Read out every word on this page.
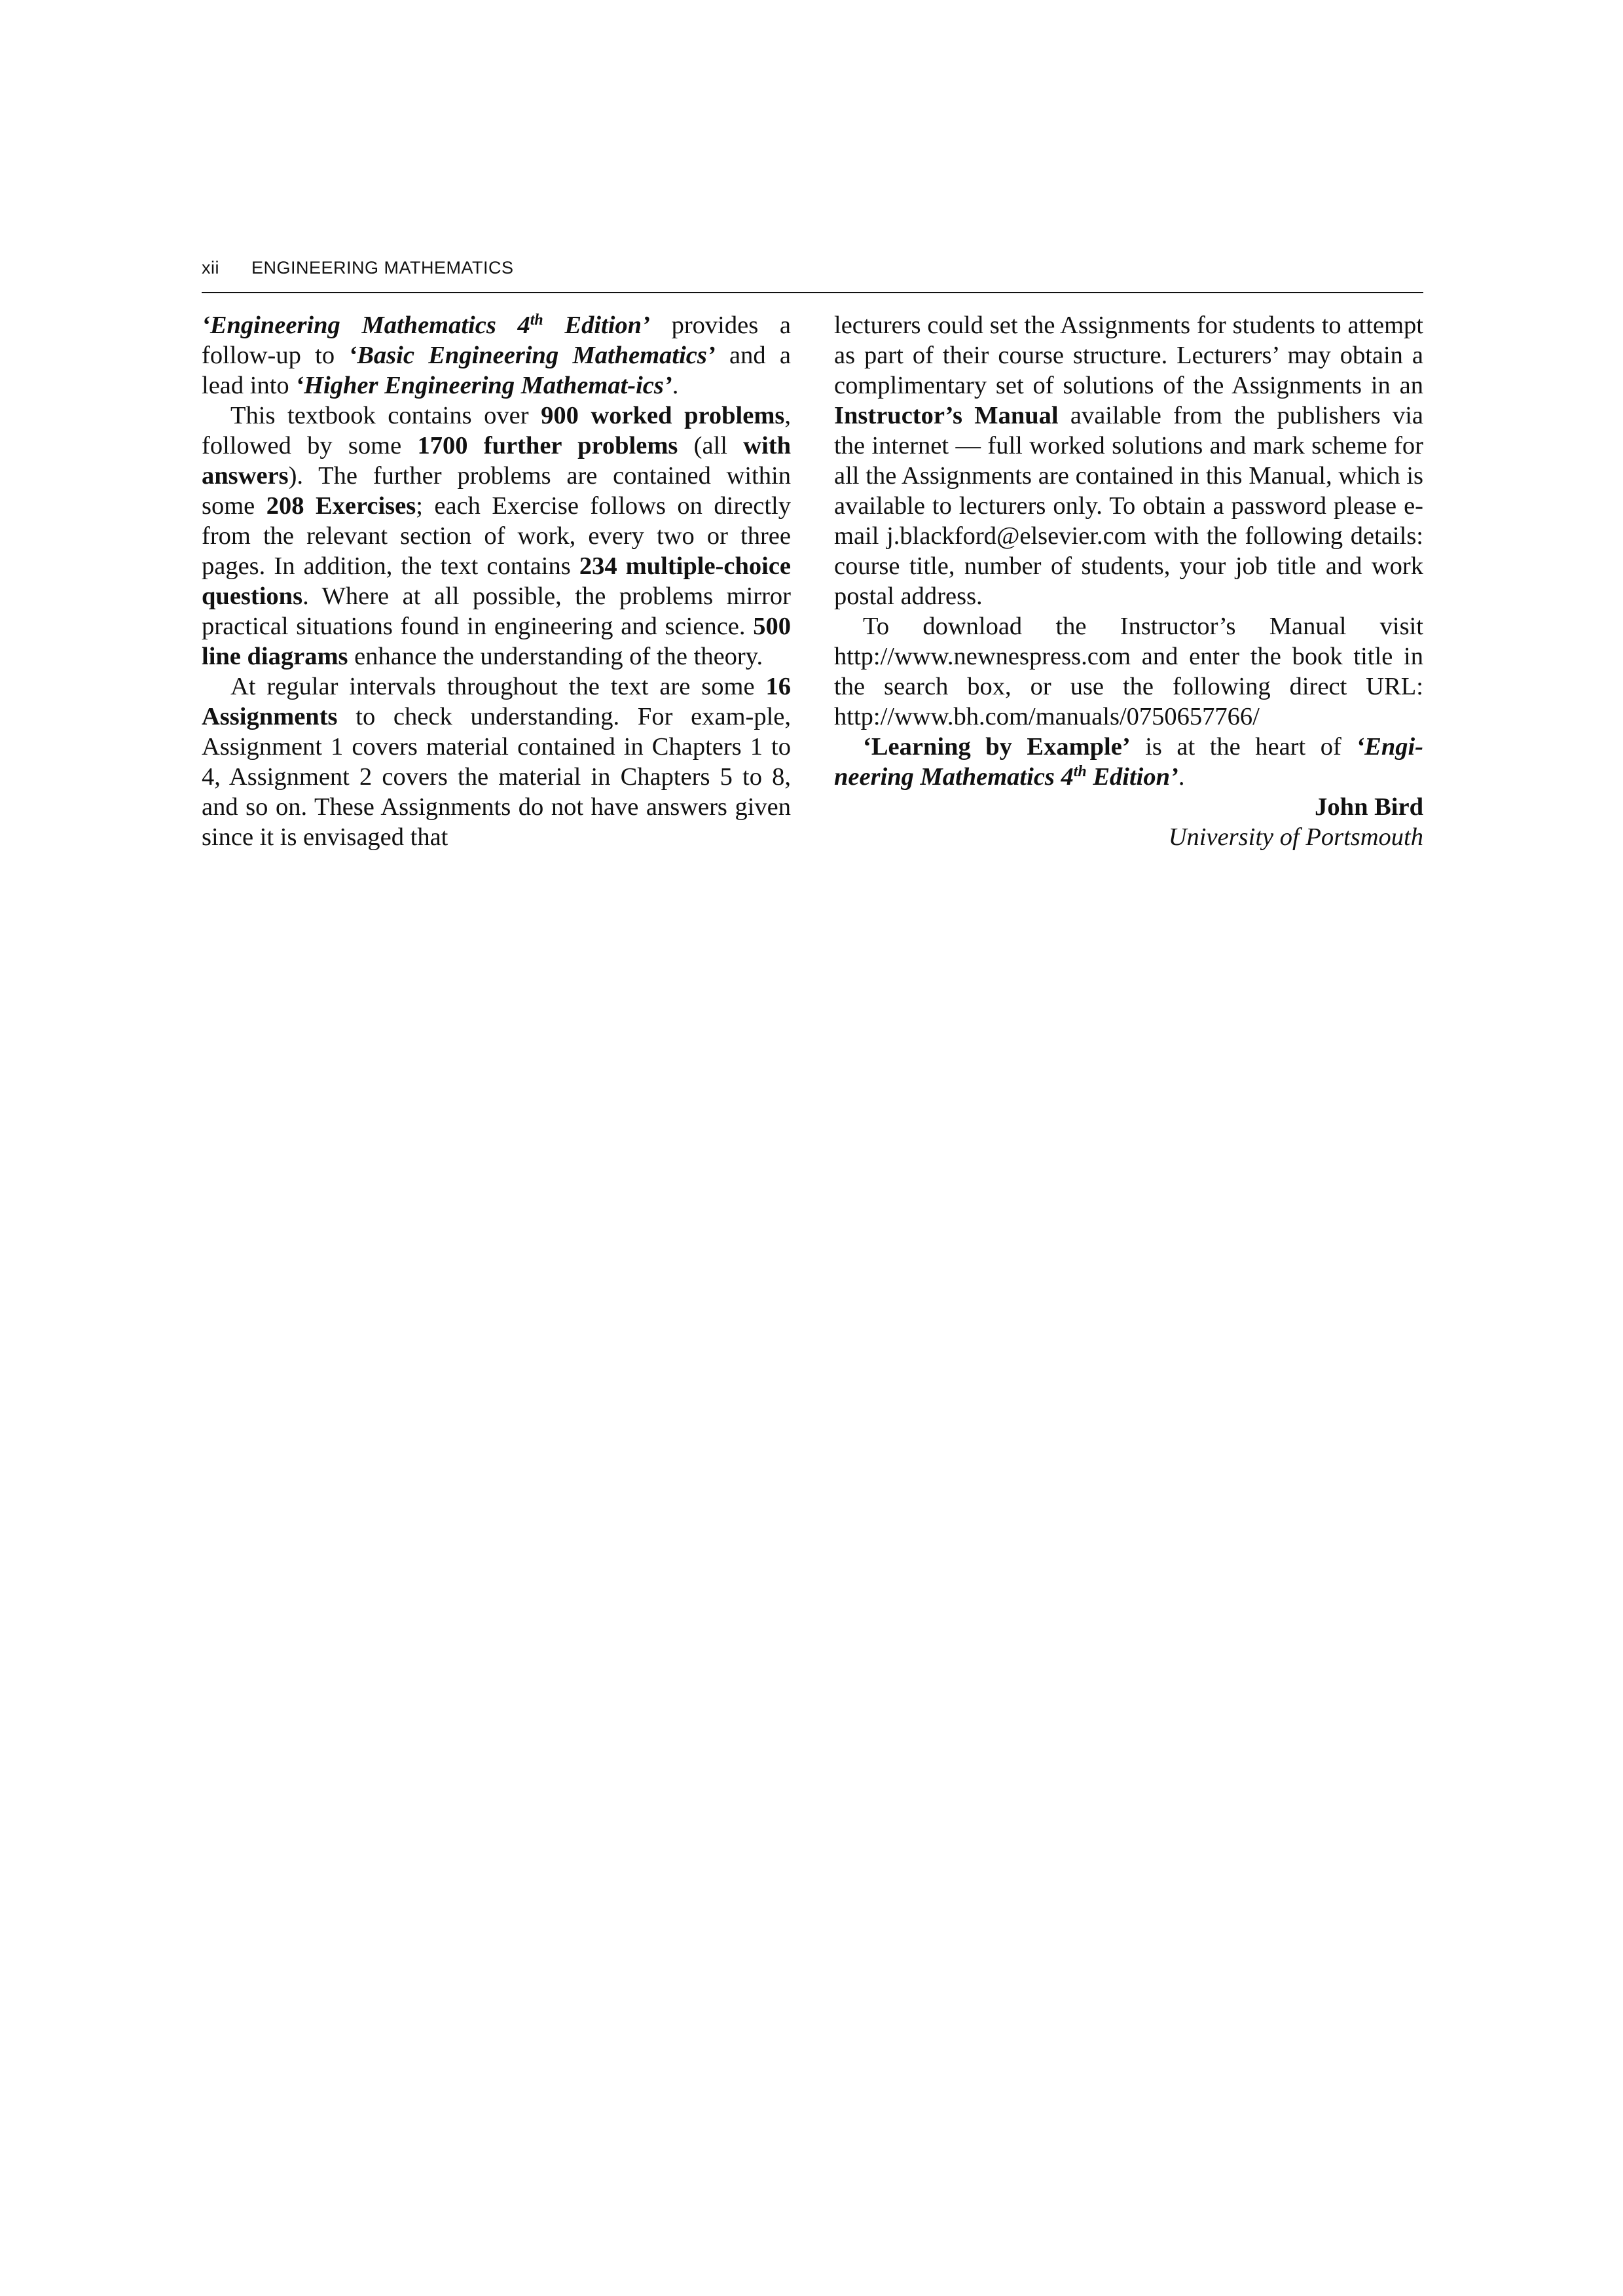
xii ENGINEERING MATHEMATICS

‘Engineering Mathematics 4th Edition’ provides a follow-up to ‘Basic Engineering Mathematics’ and a lead into ‘Higher Engineering Mathemat-ics’.

This textbook contains over 900 worked problems, followed by some 1700 further problems (all with answers). The further problems are contained within some 208 Exercises; each Exercise follows on directly from the relevant section of work, every two or three pages. In addition, the text contains 234 multiple-choice questions. Where at all possible, the problems mirror practical situations found in engineering and science. 500 line diagrams enhance the understanding of the theory.

At regular intervals throughout the text are some 16 Assignments to check understanding. For exam-ple, Assignment 1 covers material contained in Chapters 1 to 4, Assignment 2 covers the material in Chapters 5 to 8, and so on. These Assignments do not have answers given since it is envisaged that

lecturers could set the Assignments for students to attempt as part of their course structure. Lecturers’ may obtain a complimentary set of solutions of the Assignments in an Instructor’s Manual available from the publishers via the internet — full worked solutions and mark scheme for all the Assignments are contained in this Manual, which is available to lecturers only. To obtain a password please e-mail j.blackford@elsevier.com with the following details: course title, number of students, your job title and work postal address.

To download the Instructor’s Manual visit http://www.newnespress.com and enter the book title in the search box, or use the following direct URL: http://www.bh.com/manuals/0750657766/

‘Learning by Example’ is at the heart of ‘Engi-neering Mathematics 4th Edition’.

John Bird

University of Portsmouth
